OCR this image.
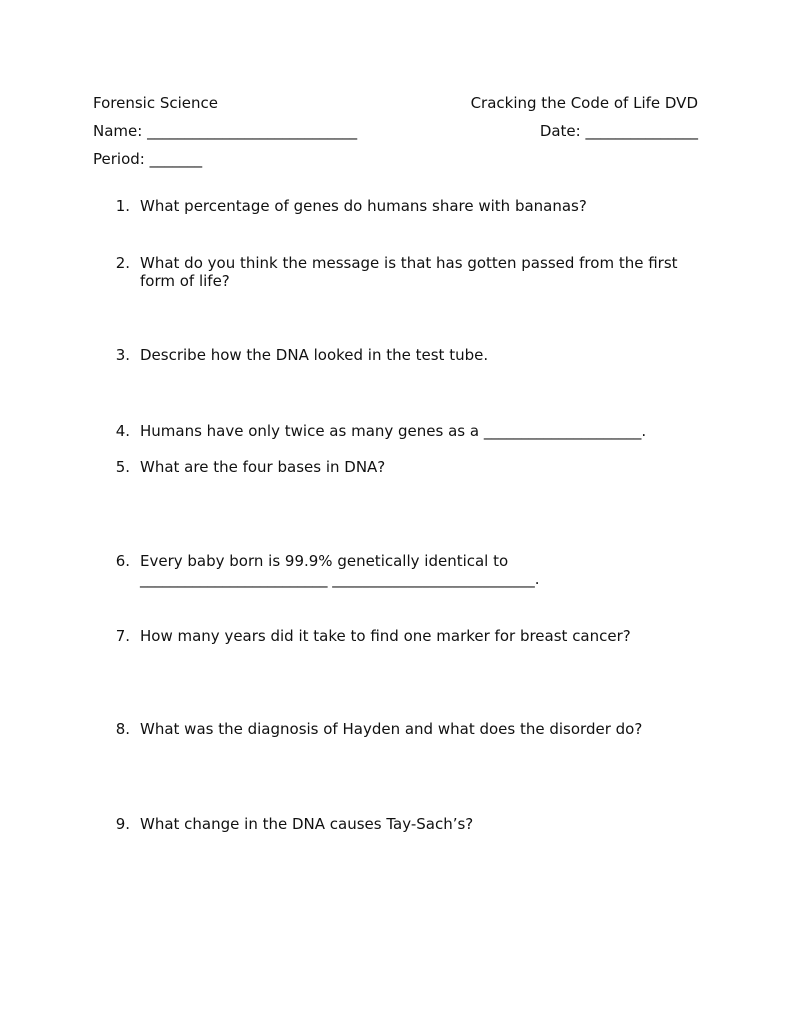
Forensic Science	Cracking the Code of Life DVD
Name: ____________________________	Date: _______________
Period: _______
1. What percentage of genes do humans share with bananas?
2. What do you think the message is that has gotten passed from the first form of life?
3. Describe how the DNA looked in the test tube.
4. Humans have only twice as many genes as a _____________________.
5. What are the four bases in DNA?
6. Every baby born is 99.9% genetically identical to _________________________ ___________________________.
7. How many years did it take to find one marker for breast cancer?
8. What was the diagnosis of Hayden and what does the disorder do?
9. What change in the DNA causes Tay-Sach’s?
